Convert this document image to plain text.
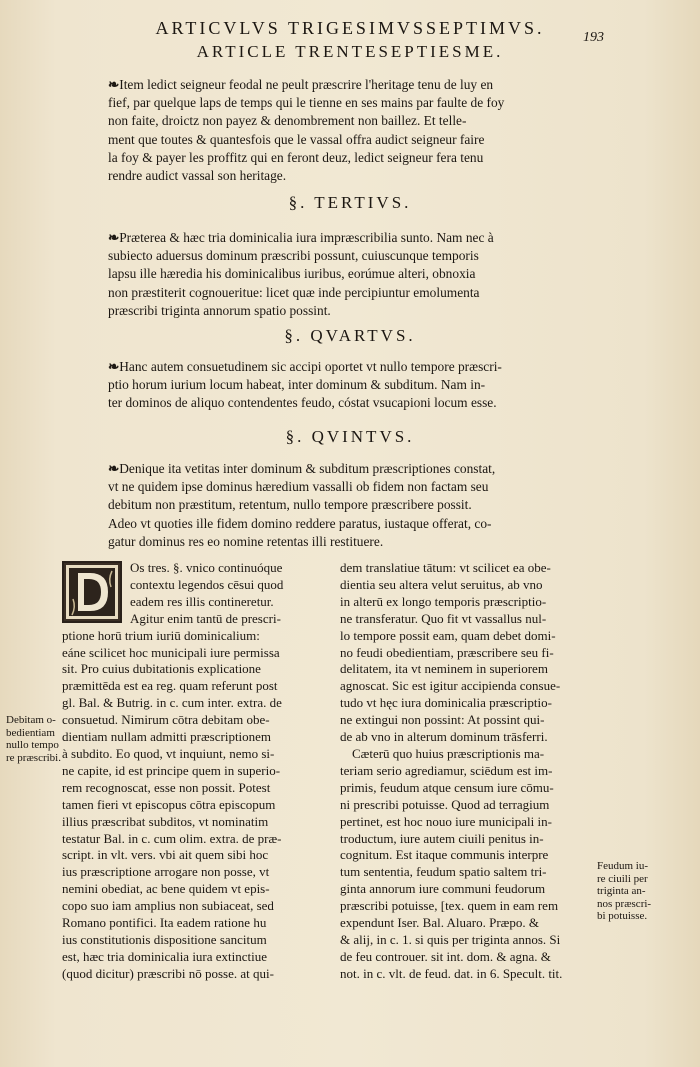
ARTICVLVS TRIGESIMVSSEPTIMVS.	193
ARTICLE TRENTESEPTIESME.
❧Item ledict seigneur feodal ne peult præscrire l'heritage tenu de luy en
fief, par quelque laps de temps qui le tienne en ses mains par faulte de foy
non faite, droictz non payez & denombrement non baillez. Et telle-
ment que toutes & quantesfois que le vassal offra audict seigneur faire
la foy & payer les proffitz qui en feront deuz, ledict seigneur fera tenu
rendre audict vassal son heritage.
§. TERTIVS.
❧Præterea & hæc tria dominicalia iura impræscribilia sunto. Nam nec à
subiecto aduersus dominum præscribi possunt, cuiuscunque temporis
lapsu ille hæredia his dominicalibus iuribus, eorúmue alteri, obnoxia
non præstiterit cognoueritue: licet quæ inde percipiuntur emolumenta
præscribi triginta annorum spatio possint.
§. QVARTVS.
❧Hanc autem consuetudinem sic accipi oportet vt nullo tempore præscri-
ptio horum iurium locum habeat, inter dominum & subditum. Nam in-
ter dominos de aliquo contendentes feudo, cóstat vsucapioni locum esse.
§. QVINTVS.
❧Denique ita vetitas inter dominum & subditum præscriptiones constat,
vt ne quidem ipse dominus hæredium vassalli ob fidem non factam seu
debitum non præstitum, retentum, nullo tempore præscribere possit.
Adeo vt quoties ille fidem domino reddere paratus, iustaque offerat, co-
gatur dominus res eo nomine retentas illi restituere.
Os tres. §. vnico continuóque
contextu legendos cēsui quod
eadem res illis contineretur.
Agitur enim tantū de prescri-
ptione horū trium iuriū dominicalium:
eáne scilicet hoc municipali iure permissa
sit. Pro cuius dubitationis explicatione
præmittēda est ea reg. quam referunt post
gl. Bal. & Butrig. in c. cum inter. extra. de
consuetud. Nimirum cōtra debitam obe-
dientiam nullam admitti præscriptionem
à subdito. Eo quod, vt inquiunt, nemo si-
ne capite, id est principe quem in superio-
rem recognoscat, esse non possit. Potest
tamen fieri vt episcopus cōtra episcopum
illius præscribat subditos, vt nominatim
testatur Bal. in c. cum olim. extra. de præ-
script. in vlt. vers. vbi ait quem sibi hoc
ius præscriptione arrogare non posse, vt
nemini obediat, ac bene quidem vt epis-
copo suo iam amplius non subiaceat, sed
Romano pontifici. Ita eadem ratione hu
ius constitutionis dispositione sancitum
est, hæc tria dominicalia iura extinctiue
(quod dicitur) præscribi nō posse. at qui-
dem translatiue tātum: vt scilicet ea obe-
dientia seu altera velut seruitus, ab vno
in alterū ex longo temporis præscriptio-
ne transferatur. Quo fit vt vassallus nul-
lo tempore possit eam, quam debet domi-
no feudi obedientiam, præscribere seu fi-
delitatem, ita vt neminem in superiorem
agnoscat. Sic est igitur accipienda consue-
tudo vt hęc iura dominicalia præscriptio-
ne extingui non possint: At possint qui-
de ab vno in alterum dominum trāsferri.
Cæterū quo huius præscriptionis ma-
teriam serio agrediamur, sciēdum est im-
primis, feudum atque censum iure cōmu-
ni prescribi potuisse. Quod ad terragium
pertinet, est hoc nouo iure municipali in-
troductum, iure autem ciuili penitus in-
cognitum. Est itaque communis interpre
tum sententia, feudum spatio saltem tri-
ginta annorum iure communi feudorum
præscribi potuisse, [tex. quem in eam rem
expendunt Iser. Bal. Aluaro. Præpo. &
& alij, in c. 1. si quis per triginta annos. Si
de feu controuer. sit int. dom. & agna. &
not. in c. vlt. de feud. dat. in 6. Specult. tit.
Debitam o-
bedientiam
nullo tempo
re præscribi.
Feudum iu-
re ciuili per
triginta an-
nos præscri-
bi potuisse.
